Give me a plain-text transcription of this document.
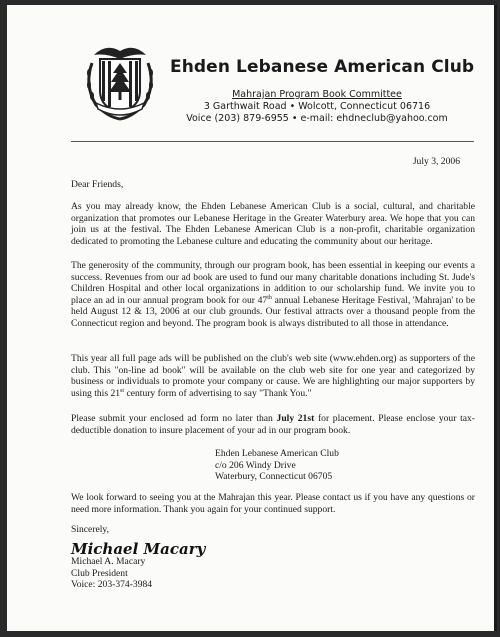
Ehden Lebanese American Club
Mahrajan Program Book Committee
3 Garthwait Road • Wolcott, Connecticut 06716
Voice (203) 879-6955 • e-mail: ehdneclub@yahoo.com
July 3, 2006
Dear Friends,

As you may already know, the Ehden Lebanese American Club is a social, cultural, and charitable organization that promotes our Lebanese Heritage in the Greater Waterbury area. We hope that you can join us at the festival. The Ehden Lebanese American Club is a non-profit, charitable organization dedicated to promoting the Lebanese culture and educating the community about our heritage.

The generosity of the community, through our program book, has been essential in keeping our events a success. Revenues from our ad book are used to fund our many charitable donations including St. Jude's Children Hospital and other local organizations in addition to our scholarship fund. We invite you to place an ad in our annual program book for our 47th annual Lebanese Heritage Festival, 'Mahrajan' to be held August 12 & 13, 2006 at our club grounds. Our festival attracts over a thousand people from the Connecticut region and beyond. The program book is always distributed to all those in attendance.

This year all full page ads will be published on the club's web site (www.ehden.org) as supporters of the club. This "on-line ad book" will be available on the club web site for one year and categorized by business or individuals to promote your company or cause. We are highlighting our major supporters by using this 21st century form of advertising to say "Thank You."

Please submit your enclosed ad form no later than July 21st for placement. Please enclose your tax-deductible donation to insure placement of your ad in our program book.

Ehden Lebanese American Club
c/o 206 Windy Drive
Waterbury, Connecticut 06705

We look forward to seeing you at the Mahrajan this year. Please contact us if you have any questions or need more information. Thank you again for your continued support.

Sincerely,
Michael Macary
Michael A. Macary
Club President
Voice: 203-374-3984
